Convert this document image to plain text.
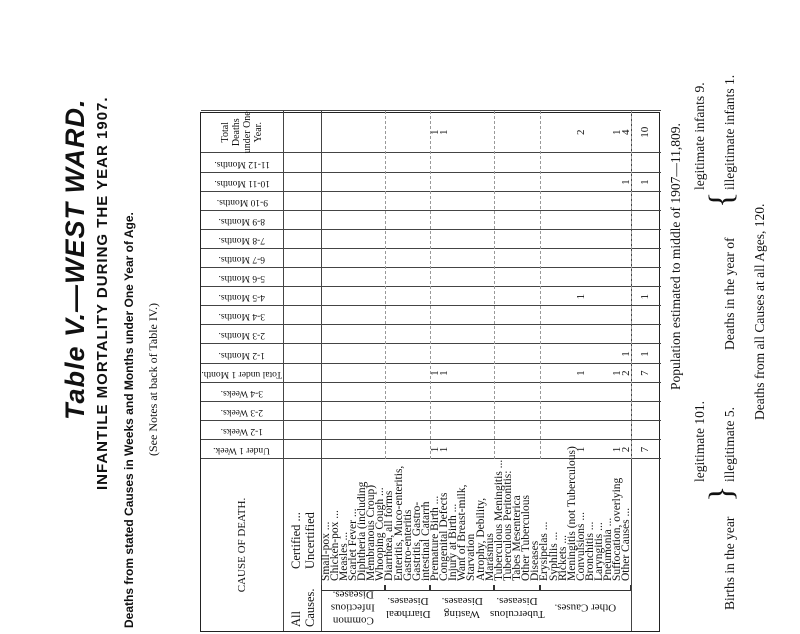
Table V.—WEST WARD. INFANTILE MORTALITY DURING THE YEAR 1907. Deaths from stated Causes in Weeks and Months under One Year of Age. (See Notes at back of Table IV.)
CAUSE OF DEATH.
Under 1 Week.
1-2 Weeks.
2-3 Weeks.
3-4 Weeks.
Total under 1 Month.
1-2 Months.
2-3 Months.
3-4 Months.
4-5 Months.
5-6 Months.
6-7 Months.
7-8 Months.
8-9 Months.
9-10 Months.
10-11 Months.
11-12 Months.
Total Deaths under One Year.
All Causes.
Certified ... Uncertified Small-pox ...
Chicken-pox ...
Measles ...
Scarlet Fever ...
Diphtheria (including
Membranous Croup)
Whooping Cough ...
Diarrhœa, all forms
Enteritis, Muco-enteritis,
Gastro-enteritis
Gastritis, Gastro-
intestinal Catarrh
Premature Birth ...
1
1
1
Congenital Defects
1
1
1
Injury at Birth ...
Want of Breast-milk,
Starvation
Atrophy, Debility,
Marasmus
Tuberculous Meningitis ...
Tuberculous Peritonitis:
Tabes Mesenterica
Other Tuberculous
Diseases
Erysipelas ...
Syphilis ...
Rickets ...
Meningitis (not Tuberculous)
Convulsions ...
1
1
1
2
Bronchitis ...
Laryngitis ...
Pneumonia ...
Suffocation, overlying
1
1
1
Other Causes ...
2
2
1
1
4
Common Infectious Diseases.
Diarrhœal Diseases.
Wasting Diseases.
Tuberculous Diseases.
Other Causes.
7
7
1
1
1
10 Population estimated to middle of 1907—11,809.
Births in the year
}
legitimate 101. illegitimate 5.
Deaths in the year of
{
legitimate infants 9. illegitimate infants 1.
Deaths from all Causes at all Ages, 120.
